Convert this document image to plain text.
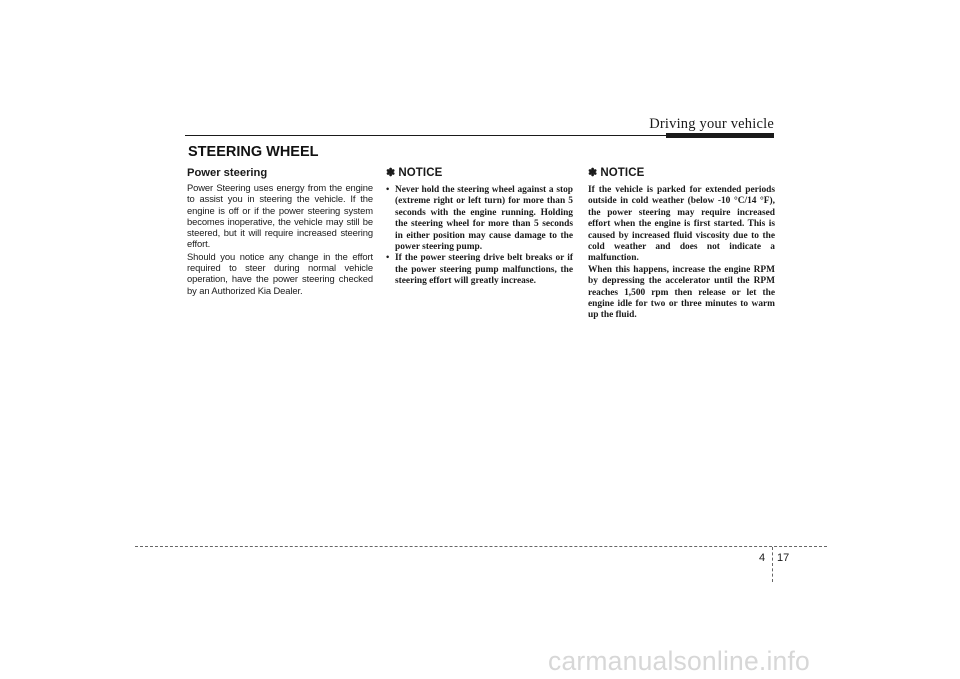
Driving your vehicle
STEERING WHEEL
Power steering

Power Steering uses energy from the engine to assist you in steering the vehicle. If the engine is off or if the power steering system becomes inoperative, the vehicle may still be steered, but it will require increased steering effort.

Should you notice any change in the effort required to steer during normal vehicle operation, have the power steering checked by an Authorized Kia Dealer.

✽ NOTICE
• Never hold the steering wheel against a stop (extreme right or left turn) for more than 5 seconds with the engine running. Holding the steering wheel for more than 5 seconds in either position may cause damage to the power steering pump.
• If the power steering drive belt breaks or if the power steering pump malfunctions, the steering effort will greatly increase.
✽ NOTICE

If the vehicle is parked for extended periods outside in cold weather (below -10 °C/14 °F), the power steering may require increased effort when the engine is first started. This is caused by increased fluid viscosity due to the cold weather and does not indicate a malfunction.

When this happens, increase the engine RPM by depressing the accelerator until the RPM reaches 1,500 rpm then release or let the engine idle for two or three minutes to warm up the fluid.

4 17
carmanualsonline.info
